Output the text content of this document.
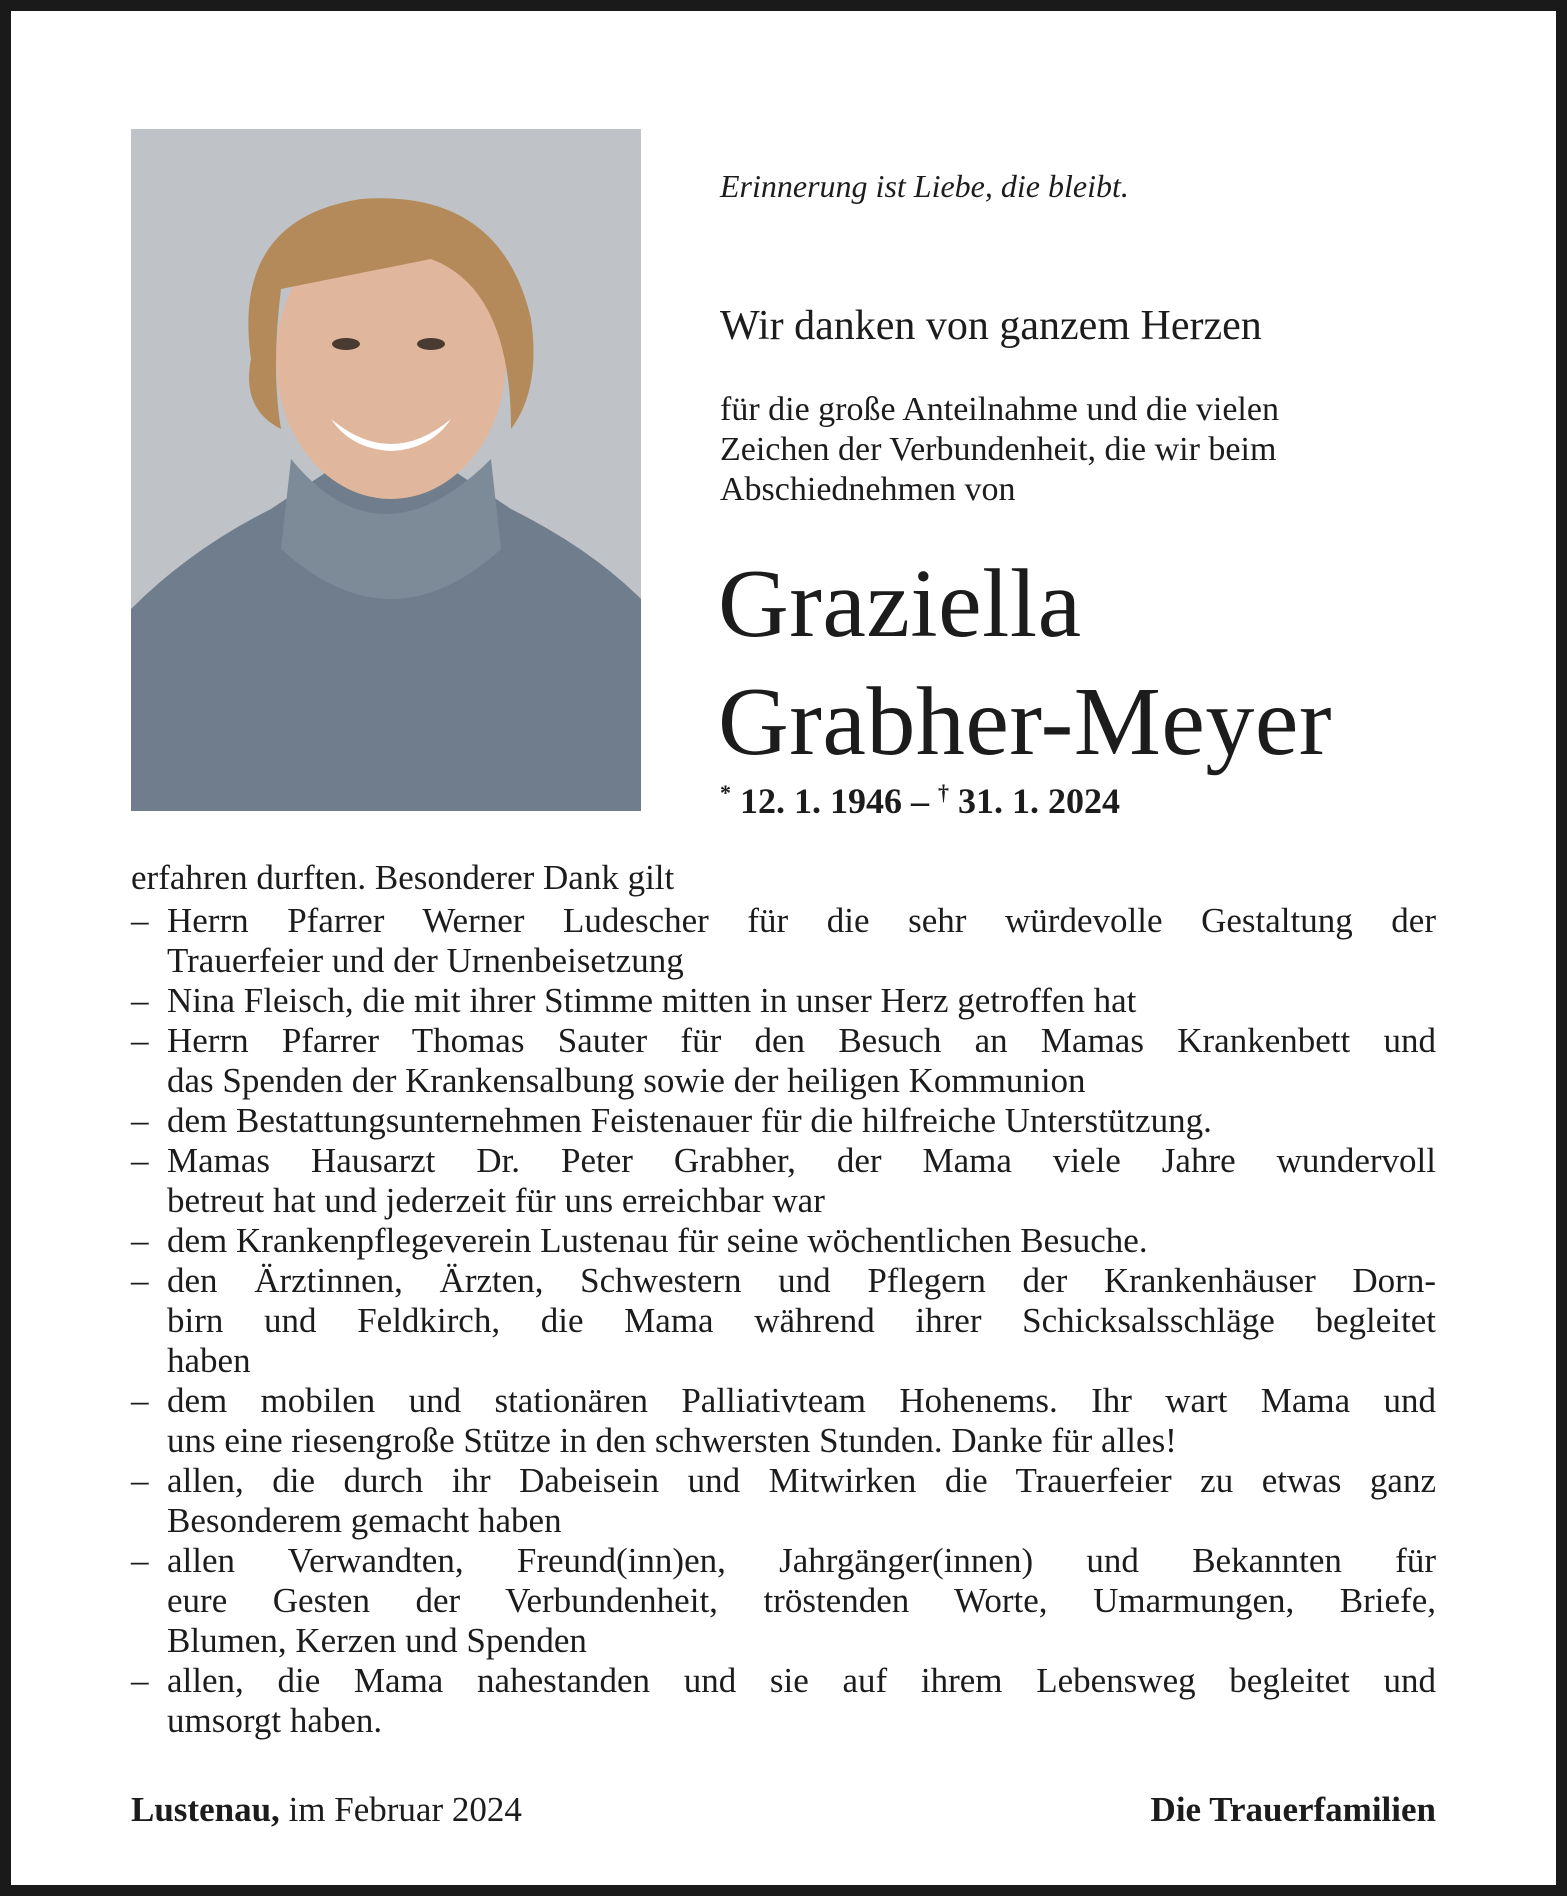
Erinnerung ist Liebe, die bleibt.
Wir danken von ganzem Herzen
für die große Anteilnahme und die vielen
Zeichen der Verbundenheit, die wir beim
Abschiednehmen von
Graziella
Grabher-Meyer
* 12. 1. 1946 – † 31. 1. 2024
erfahren durften. Besonderer Dank gilt
– Herrn Pfarrer Werner Ludescher für die sehr würdevolle Gestaltung der
Trauerfeier und der Urnenbeisetzung
– Nina Fleisch, die mit ihrer Stimme mitten in unser Herz getroffen hat
– Herrn Pfarrer Thomas Sauter für den Besuch an Mamas Krankenbett und
das Spenden der Krankensalbung sowie der heiligen Kommunion
– dem Bestattungsunternehmen Feistenauer für die hilfreiche Unterstützung.
– Mamas Hausarzt Dr. Peter Grabher, der Mama viele Jahre wundervoll
betreut hat und jederzeit für uns erreichbar war
– dem Krankenpflegeverein Lustenau für seine wöchentlichen Besuche.
– den Ärztinnen, Ärzten, Schwestern und Pflegern der Krankenhäuser Dorn-
birn und Feldkirch, die Mama während ihrer Schicksalsschläge begleitet
haben
– dem mobilen und stationären Palliativteam Hohenems. Ihr wart Mama und
uns eine riesengroße Stütze in den schwersten Stunden. Danke für alles!
– allen, die durch ihr Dabeisein und Mitwirken die Trauerfeier zu etwas ganz
Besonderem gemacht haben
– allen Verwandten, Freund(inn)en, Jahrgänger(innen) und Bekannten für
eure Gesten der Verbundenheit, tröstenden Worte, Umarmungen, Briefe,
Blumen, Kerzen und Spenden
– allen, die Mama nahestanden und sie auf ihrem Lebensweg begleitet und
umsorgt haben.
Lustenau, im Februar 2024	Die Trauerfamilien
